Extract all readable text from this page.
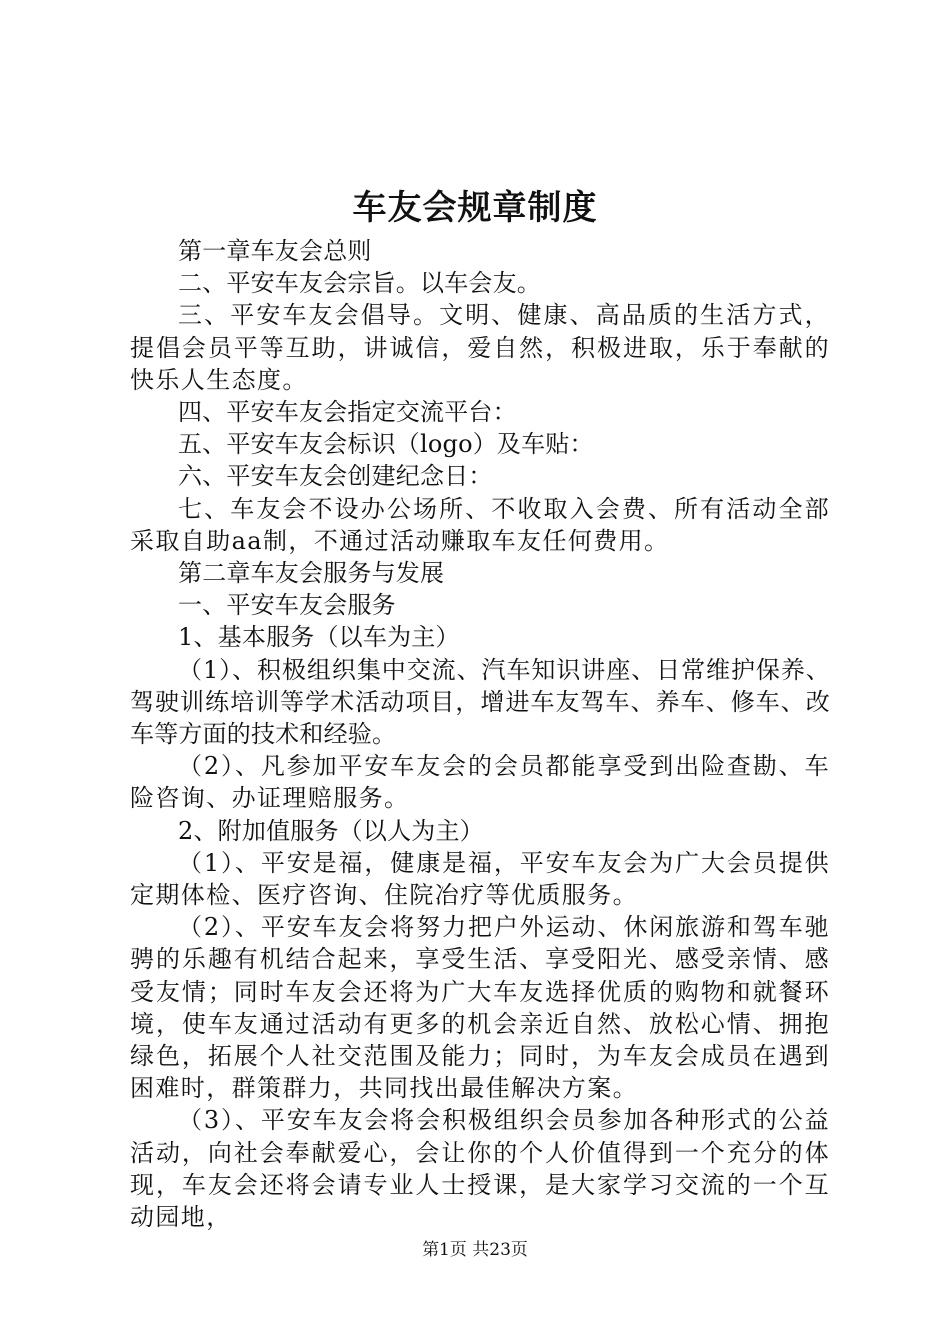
车友会规章制度

第一章车友会总则

二、平安车友会宗旨。以车会友。

三、平安车友会倡导。文明、健康、高品质的生活方式，提倡会员平等互助，讲诚信，爱自然，积极进取，乐于奉献的快乐人生态度。

四、平安车友会指定交流平台：

五、平安车友会标识（logo）及车贴：

六、平安车友会创建纪念日：

七、车友会不设办公场所、不收取入会费、所有活动全部采取自助aa制，不通过活动赚取车友任何费用。

第二章车友会服务与发展

一、平安车友会服务

1、基本服务（以车为主）

（1）、积极组织集中交流、汽车知识讲座、日常维护保养、驾驶训练培训等学术活动项目，增进车友驾车、养车、修车、改车等方面的技术和经验。

（2）、凡参加平安车友会的会员都能享受到出险查勘、车险咨询、办证理赔服务。

2、附加值服务（以人为主）

（1）、平安是福，健康是福，平安车友会为广大会员提供定期体检、医疗咨询、住院冶疗等优质服务。

（2）、平安车友会将努力把户外运动、休闲旅游和驾车驰骋的乐趣有机结合起来，享受生活、享受阳光、感受亲情、感受友情；同时车友会还将为广大车友选择优质的购物和就餐环境，使车友通过活动有更多的机会亲近自然、放松心情、拥抱绿色，拓展个人社交范围及能力；同时，为车友会成员在遇到困难时，群策群力，共同找出最佳解决方案。

（3）、平安车友会将会积极组织会员参加各种形式的公益活动，向社会奉献爱心，会让你的个人价值得到一个充分的体现，车友会还将会请专业人士授课，是大家学习交流的一个互动园地，

第1页 共23页
